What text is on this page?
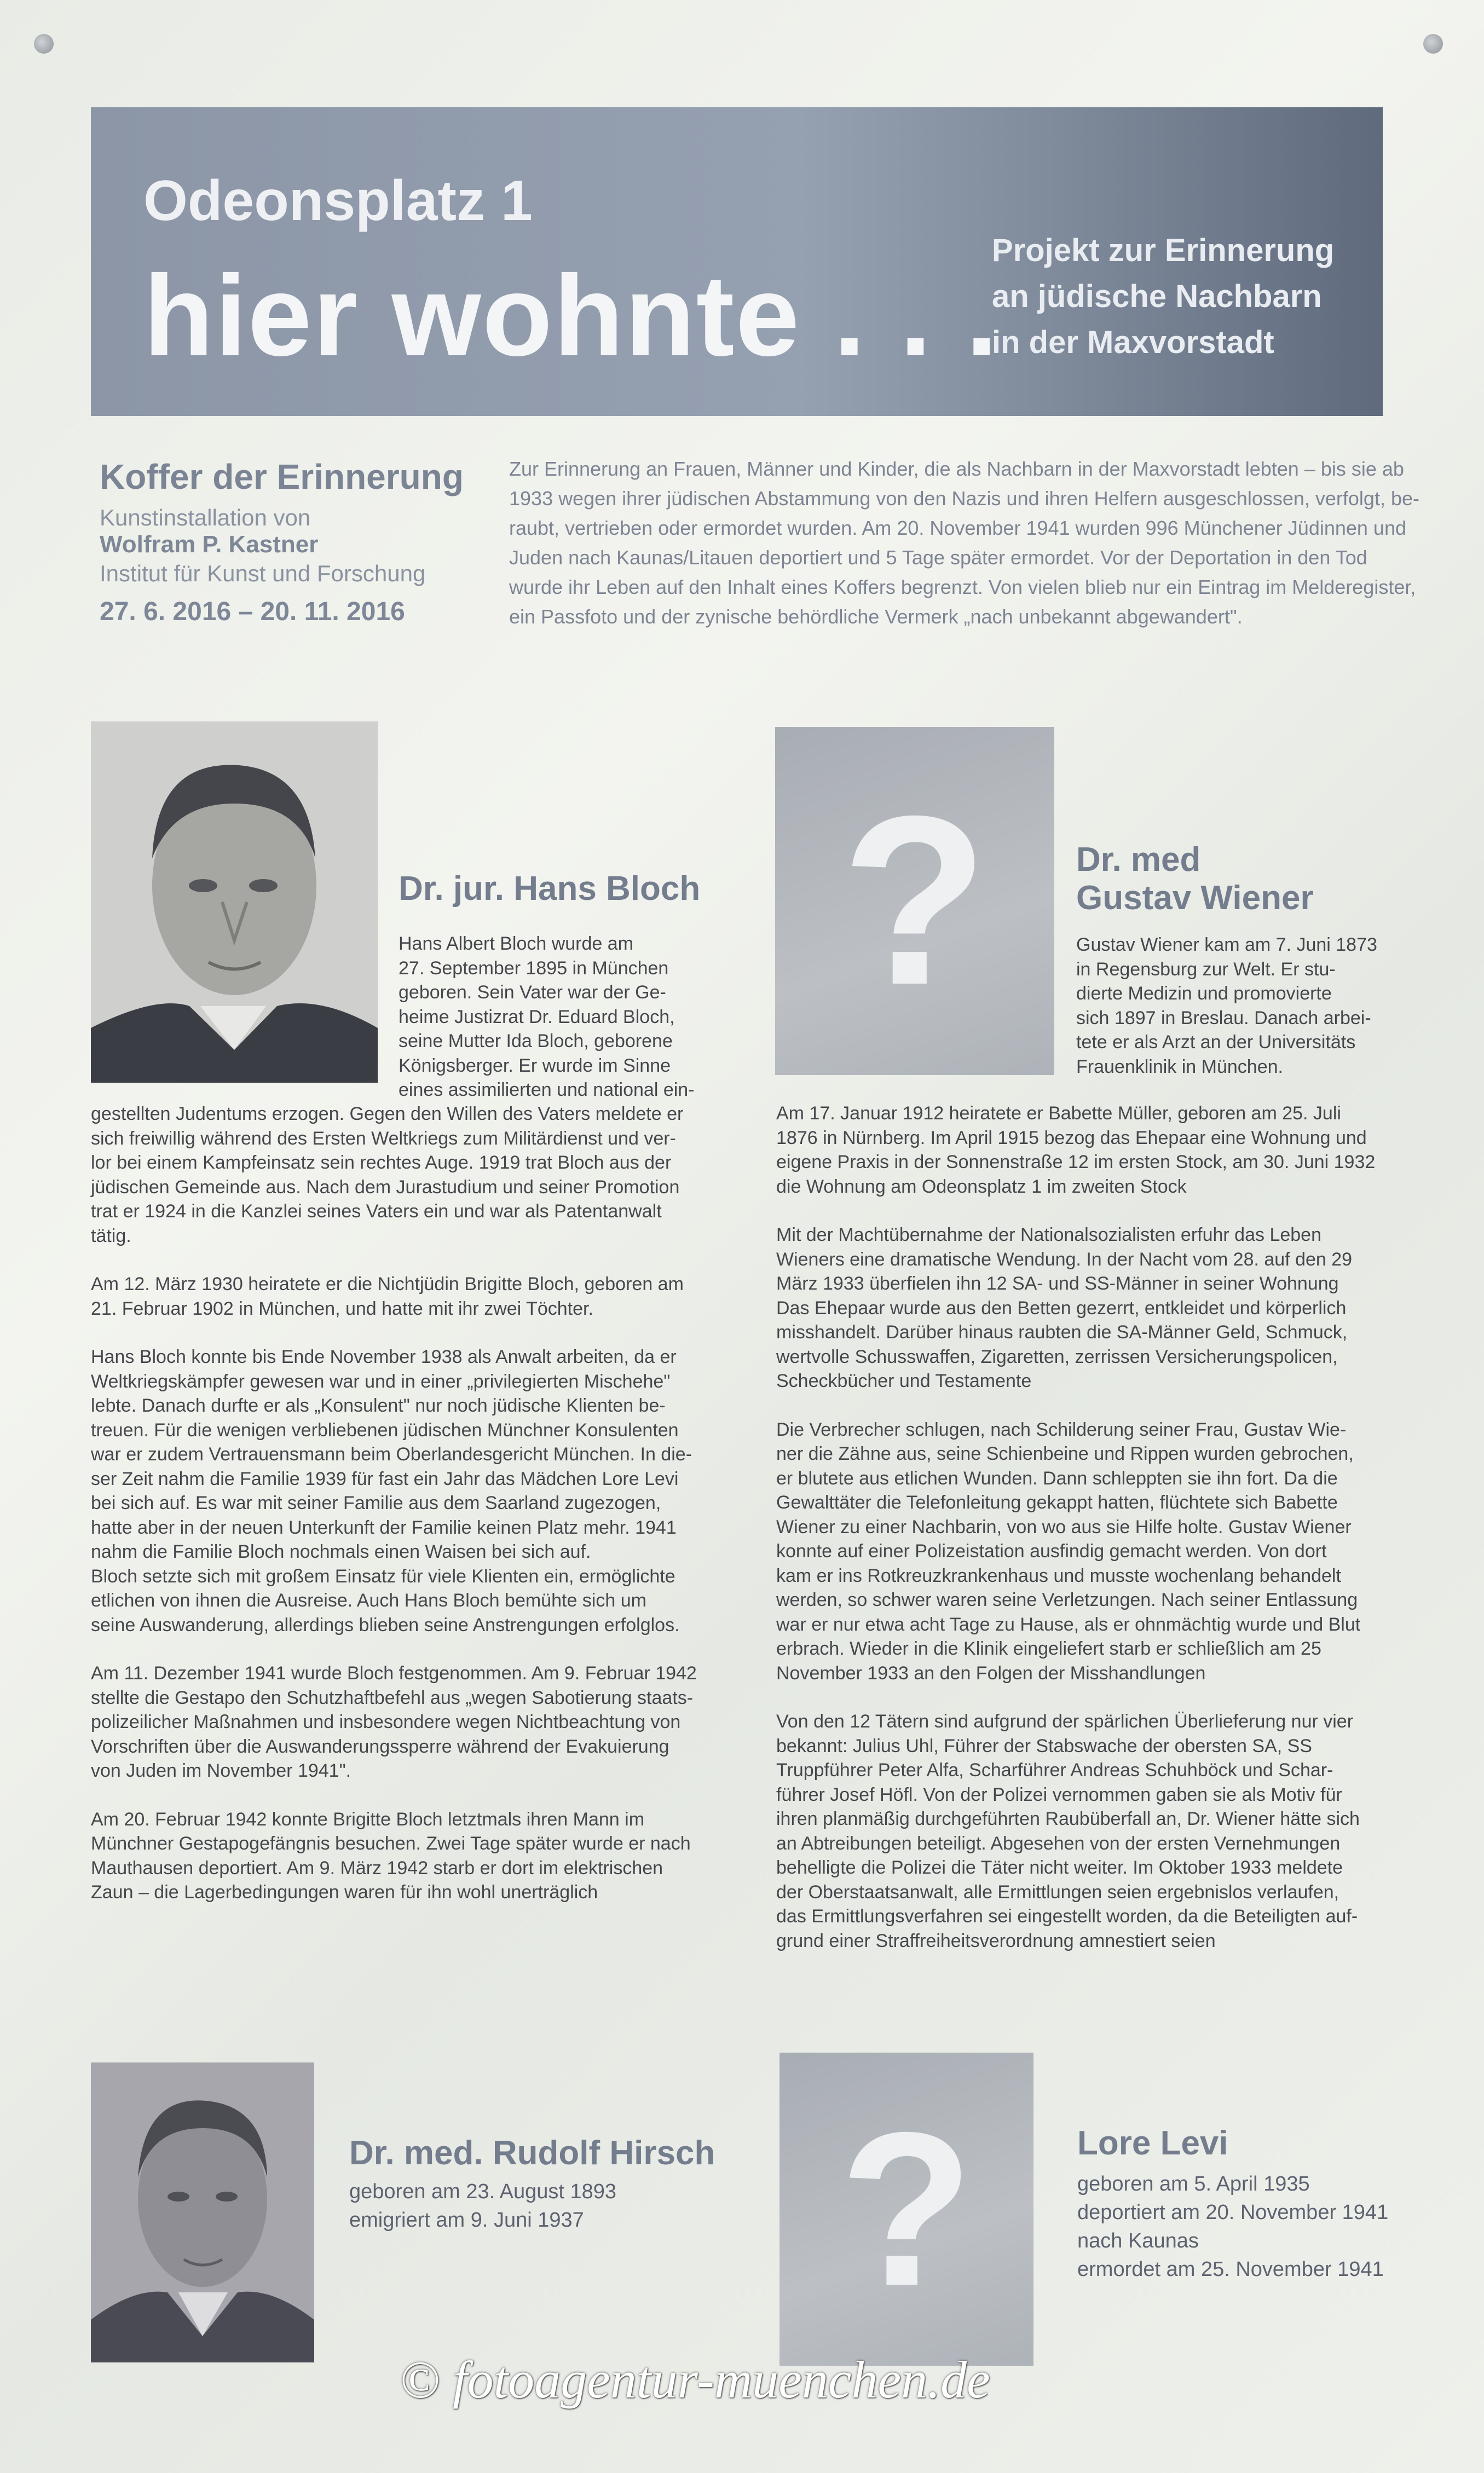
Odeonsplatz 1
hier wohnte . . .
Projekt zur Erinnerung
an jüdische Nachbarn
in der Maxvorstadt
Koffer der Erinnerung
Kunstinstallation von
Wolfram P. Kastner
Institut für Kunst und Forschung
27. 6. 2016 – 20. 11. 2016
Zur Erinnerung an Frauen, Männer und Kinder, die als Nachbarn in der Maxvorstadt lebten – bis sie ab
1933 wegen ihrer jüdischen Abstammung von den Nazis und ihren Helfern ausgeschlossen, verfolgt, be-
raubt, vertrieben oder ermordet wurden. Am 20. November 1941 wurden 996 Münchener Jüdinnen und
Juden nach Kaunas/Litauen deportiert und 5 Tage später ermordet. Vor der Deportation in den Tod
wurde ihr Leben auf den Inhalt eines Koffers begrenzt. Von vielen blieb nur ein Eintrag im Melderegister,
ein Passfoto und der zynische behördliche Vermerk „nach unbekannt abgewandert".
Dr. jur. Hans Bloch
Hans Albert Bloch wurde am
27. September 1895 in München
geboren. Sein Vater war der Ge-
heime Justizrat Dr. Eduard Bloch,
seine Mutter Ida Bloch, geborene
Königsberger. Er wurde im Sinne
eines assimilierten und national ein-
gestellten Judentums erzogen. Gegen den Willen des Vaters meldete er
sich freiwillig während des Ersten Weltkriegs zum Militärdienst und ver-
lor bei einem Kampfeinsatz sein rechtes Auge. 1919 trat Bloch aus der
jüdischen Gemeinde aus. Nach dem Jurastudium und seiner Promotion
trat er 1924 in die Kanzlei seines Vaters ein und war als Patentanwalt
tätig.
Am 12. März 1930 heiratete er die Nichtjüdin Brigitte Bloch, geboren am
21. Februar 1902 in München, und hatte mit ihr zwei Töchter.
Hans Bloch konnte bis Ende November 1938 als Anwalt arbeiten, da er
Weltkriegskämpfer gewesen war und in einer „privilegierten Mischehe"
lebte. Danach durfte er als „Konsulent" nur noch jüdische Klienten be-
treuen. Für die wenigen verbliebenen jüdischen Münchner Konsulenten
war er zudem Vertrauensmann beim Oberlandesgericht München. In die-
ser Zeit nahm die Familie 1939 für fast ein Jahr das Mädchen Lore Levi
bei sich auf. Es war mit seiner Familie aus dem Saarland zugezogen,
hatte aber in der neuen Unterkunft der Familie keinen Platz mehr. 1941
nahm die Familie Bloch nochmals einen Waisen bei sich auf.
Bloch setzte sich mit großem Einsatz für viele Klienten ein, ermöglichte
etlichen von ihnen die Ausreise. Auch Hans Bloch bemühte sich um
seine Auswanderung, allerdings blieben seine Anstrengungen erfolglos.
Am 11. Dezember 1941 wurde Bloch festgenommen. Am 9. Februar 1942
stellte die Gestapo den Schutzhaftbefehl aus „wegen Sabotierung staats-
polizeilicher Maßnahmen und insbesondere wegen Nichtbeachtung von
Vorschriften über die Auswanderungssperre während der Evakuierung
von Juden im November 1941".
Am 20. Februar 1942 konnte Brigitte Bloch letztmals ihren Mann im
Münchner Gestapogefängnis besuchen. Zwei Tage später wurde er nach
Mauthausen deportiert. Am 9. März 1942 starb er dort im elektrischen
Zaun – die Lagerbedingungen waren für ihn wohl unerträglich
?	Dr. med
Gustav Wiener
Gustav Wiener kam am 7. Juni 1873
in Regensburg zur Welt. Er stu-
dierte Medizin und promovierte
sich 1897 in Breslau. Danach arbei-
tete er als Arzt an der Universitäts
Frauenklinik in München.
Am 17. Januar 1912 heiratete er Babette Müller, geboren am 25. Juli
1876 in Nürnberg. Im April 1915 bezog das Ehepaar eine Wohnung und
eigene Praxis in der Sonnenstraße 12 im ersten Stock, am 30. Juni 1932
die Wohnung am Odeonsplatz 1 im zweiten Stock
Mit der Machtübernahme der Nationalsozialisten erfuhr das Leben
Wieners eine dramatische Wendung. In der Nacht vom 28. auf den 29
März 1933 überfielen ihn 12 SA- und SS-Männer in seiner Wohnung
Das Ehepaar wurde aus den Betten gezerrt, entkleidet und körperlich
misshandelt. Darüber hinaus raubten die SA-Männer Geld, Schmuck,
wertvolle Schusswaffen, Zigaretten, zerrissen Versicherungspolicen,
Scheckbücher und Testamente
Die Verbrecher schlugen, nach Schilderung seiner Frau, Gustav Wie-
ner die Zähne aus, seine Schienbeine und Rippen wurden gebrochen,
er blutete aus etlichen Wunden. Dann schleppten sie ihn fort. Da die
Gewalttäter die Telefonleitung gekappt hatten, flüchtete sich Babette
Wiener zu einer Nachbarin, von wo aus sie Hilfe holte. Gustav Wiener
konnte auf einer Polizeistation ausfindig gemacht werden. Von dort
kam er ins Rotkreuzkrankenhaus und musste wochenlang behandelt
werden, so schwer waren seine Verletzungen. Nach seiner Entlassung
war er nur etwa acht Tage zu Hause, als er ohnmächtig wurde und Blut
erbrach. Wieder in die Klinik eingeliefert starb er schließlich am 25
November 1933 an den Folgen der Misshandlungen
Von den 12 Tätern sind aufgrund der spärlichen Überlieferung nur vier
bekannt: Julius Uhl, Führer der Stabswache der obersten SA, SS
Truppführer Peter Alfa, Scharführer Andreas Schuhböck und Schar-
führer Josef Höfl. Von der Polizei vernommen gaben sie als Motiv für
ihren planmäßig durchgeführten Raubüberfall an, Dr. Wiener hätte sich
an Abtreibungen beteiligt. Abgesehen von der ersten Vernehmungen
behelligte die Polizei die Täter nicht weiter. Im Oktober 1933 meldete
der Oberstaatsanwalt, alle Ermittlungen seien ergebnislos verlaufen,
das Ermittlungsverfahren sei eingestellt worden, da die Beteiligten auf-
grund einer Straffreiheitsverordnung amnestiert seien
Dr. med. Rudolf Hirsch
geboren am 23. August 1893
emigriert am 9. Juni 1937 ?	Lore Levi
geboren am 5. April 1935
deportiert am 20. November 1941
nach Kaunas
ermordet am 25. November 1941
© fotoagentur-muenchen.de
